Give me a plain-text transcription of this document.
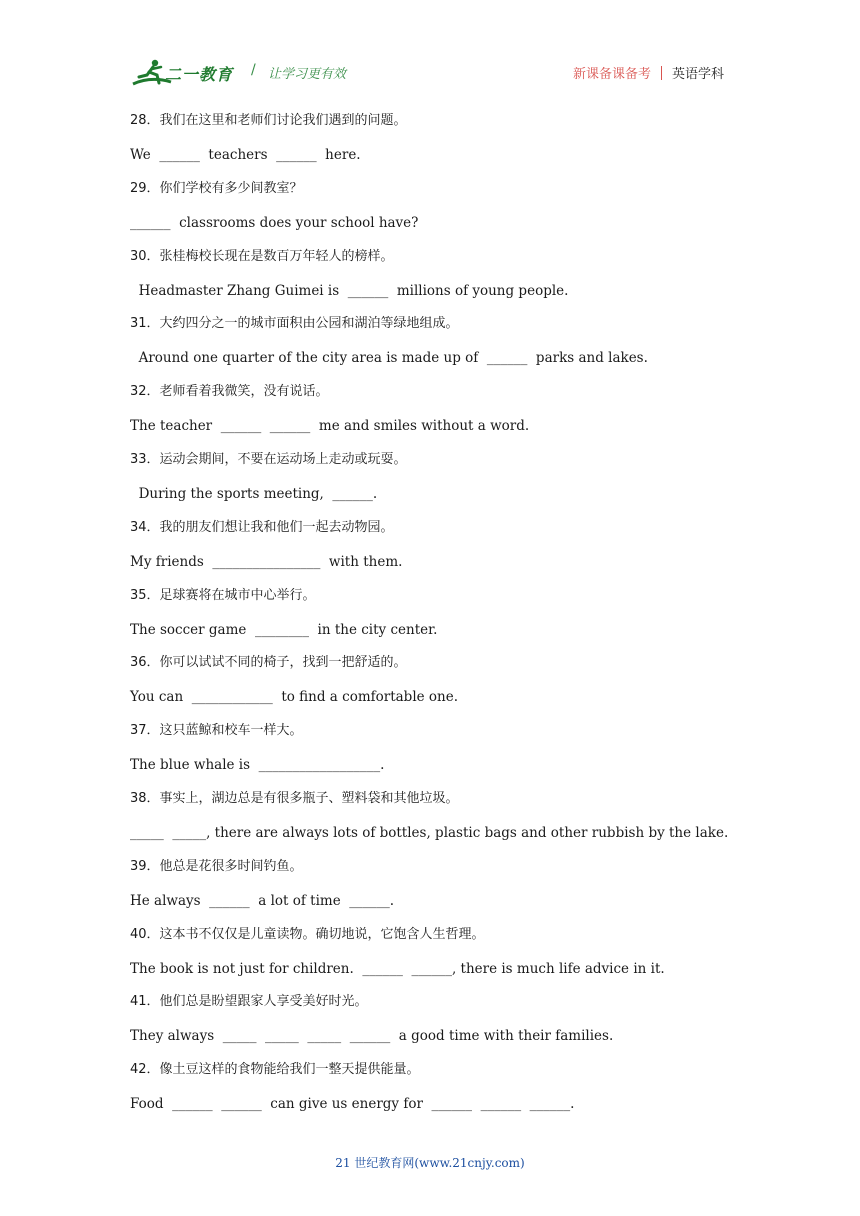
二一教育 / 让学习更有效	新课备课备考 英语学科
28．我们在这里和老师们讨论我们遇到的问题。
We  ______  teachers  ______  here.
29．你们学校有多少间教室？
______  classrooms does your school have?
30．张桂梅校长现在是数百万年轻人的榜样。
Headmaster Zhang Guimei is  ______  millions of young people.
31．大约四分之一的城市面积由公园和湖泊等绿地组成。
Around one quarter of the city area is made up of  ______  parks and lakes.
32．老师看着我微笑，没有说话。
The teacher  ______  ______  me and smiles without a word.
33．运动会期间，不要在运动场上走动或玩耍。
During the sports meeting,  ______.
34．我的朋友们想让我和他们一起去动物园。
My friends  ________________  with them.
35．足球赛将在城市中心举行。
The soccer game  ________  in the city center.
36．你可以试试不同的椅子，找到一把舒适的。
You can  ____________  to find a comfortable one.
37．这只蓝鲸和校车一样大。
The blue whale is  __________________.
38．事实上，湖边总是有很多瓶子、塑料袋和其他垃圾。
_____  _____, there are always lots of bottles, plastic bags and other rubbish by the lake.
39．他总是花很多时间钓鱼。
He always  ______  a lot of time  ______.
40．这本书不仅仅是儿童读物。确切地说，它饱含人生哲理。
The book is not just for children.  ______  ______, there is much life advice in it.
41．他们总是盼望跟家人享受美好时光。
They always  _____  _____  _____  ______  a good time with their families.
42．像土豆这样的食物能给我们一整天提供能量。
Food  ______  ______  can give us energy for  ______  ______  ______.
21 世纪教育网(www.21cnjy.com)
